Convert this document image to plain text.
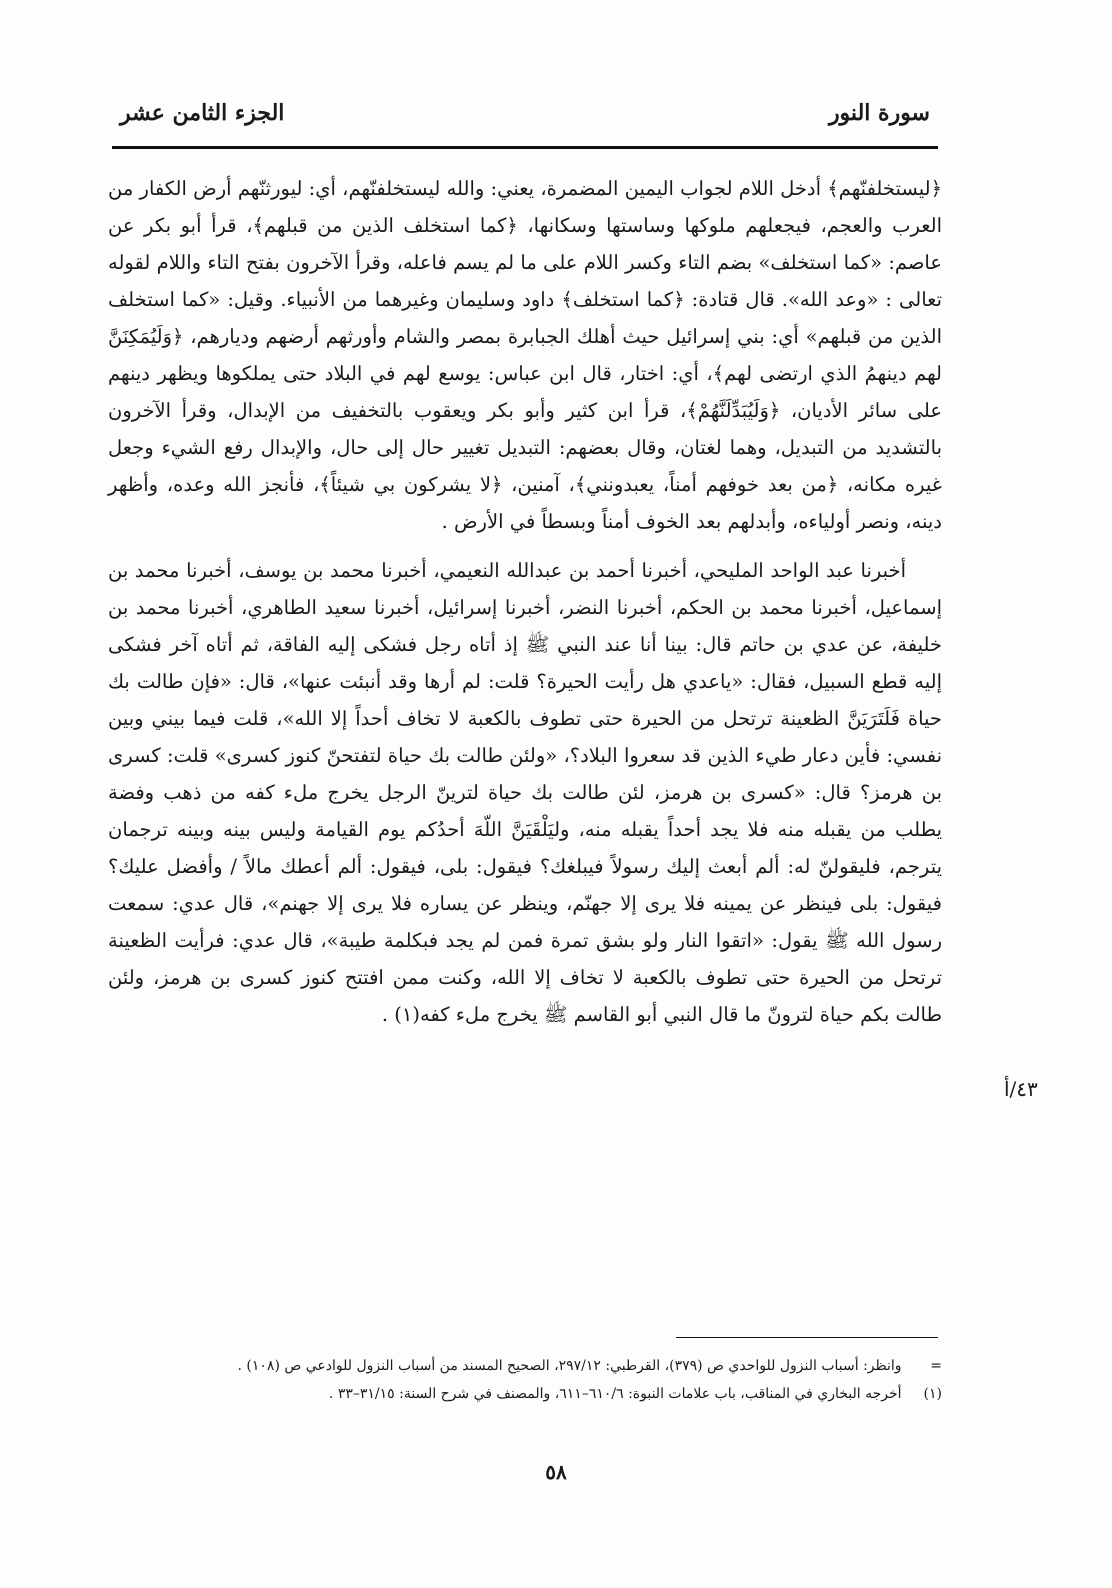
سورة النور
الجزء الثامن عشر

﴿ليستخلفنّهم﴾ أدخل اللام لجواب اليمين المضمرة، يعني: والله ليستخلفنّهم، أي: ليورثنّهم أرض الكفار من العرب والعجم، فيجعلهم ملوكها وساستها وسكانها، ﴿كما استخلف الذين من قبلهم﴾، قرأ أبو بكر عن عاصم: «كما استخلف» بضم التاء وكسر اللام على ما لم يسم فاعله، وقرأ الآخرون بفتح التاء واللام لقوله تعالى : «وعد الله». قال قتادة: ﴿كما استخلف﴾ داود وسليمان وغيرهما من الأنبياء. وقيل: «كما استخلف الذين من قبلهم» أي: بني إسرائيل حيث أهلك الجبابرة بمصر والشام وأورثهم أرضهم وديارهم، ﴿وَلَيُمَكِنَنَّ لهم دينهمُ الذي ارتضى لهم﴾، أي: اختار، قال ابن عباس: يوسع لهم في البلاد حتى يملكوها ويظهر دينهم على سائر الأديان، ﴿وَلَيُبَدِّلَنَّهُمْ﴾، قرأ ابن كثير وأبو بكر ويعقوب بالتخفيف من الإبدال، وقرأ الآخرون بالتشديد من التبديل، وهما لغتان، وقال بعضهم: التبديل تغيير حال إلى حال، والإبدال رفع الشيء وجعل غيره مكانه، ﴿من بعد خوفهم أمناً، يعبدونني﴾، آمنين، ﴿لا يشركون بي شيئاً﴾، فأنجز الله وعده، وأظهر دينه، ونصر أولياءه، وأبدلهم بعد الخوف أمناً وبسطاً في الأرض .

أخبرنا عبد الواحد المليحي، أخبرنا أحمد بن عبدالله النعيمي، أخبرنا محمد بن يوسف، أخبرنا محمد بن إسماعيل، أخبرنا محمد بن الحكم، أخبرنا النضر، أخبرنا إسرائيل، أخبرنا سعيد الطاهري، أخبرنا محمد بن خليفة، عن عدي بن حاتم قال: بينا أنا عند النبي ﷺ إذ أتاه رجل فشكى إليه الفاقة، ثم أتاه آخر فشكى إليه قطع السبيل، فقال: «ياعدي هل رأيت الحيرة؟ قلت: لم أرها وقد أنبئت عنها»، قال: «فإن طالت بك حياة فَلَتَرَيَنَّ الظعينة ترتحل من الحيرة حتى تطوف بالكعبة لا تخاف أحداً إلا الله»، قلت فيما بيني وبين نفسي: فأين دعار طيء الذين قد سعروا البلاد؟، «ولئن طالت بك حياة لتفتحنّ كنوز كسرى» قلت: كسرى بن هرمز؟ قال: «كسرى بن هرمز، لئن طالت بك حياة لترينّ الرجل يخرج ملء كفه من ذهب وفضة يطلب من يقبله منه فلا يجد أحداً يقبله منه، وليَلْقَيَنَّ اللّهَ أحدُكم يوم القيامة وليس بينه وبينه ترجمان يترجم، فليقولنّ له: ألم أبعث إليك رسولاً فيبلغك؟ فيقول: بلى، فيقول: ألم أعطك مالاً / وأفضل عليك؟ فيقول: بلى فينظر عن يمينه فلا يرى إلا جهنّم، وينظر عن يساره فلا يرى إلا جهنم»، قال عدي: سمعت رسول الله ﷺ يقول: «اتقوا النار ولو بشق تمرة فمن لم يجد فبكلمة طيبة»، قال عدي: فرأيت الظعينة ترتحل من الحيرة حتى تطوف بالكعبة لا تخاف إلا الله، وكنت ممن افتتح كنوز كسرى بن هرمز، ولئن طالت بكم حياة لترونّ ما قال النبي أبو القاسم ﷺ يخرج ملء كفه(١) .

٤٣/أ
= وانظر: أسباب النزول للواحدي ص (٣٧٩)، القرطبي: ٢٩٧/١٢، الصحيح المسند من أسباب النزول للوادعي ص (١٠٨) .
(١) أخرجه البخاري في المناقب، باب علامات النبوة: ٦١٠/٦–٦١١، والمصنف في شرح السنة: ٣١/١٥–٣٣ .
٥٨
